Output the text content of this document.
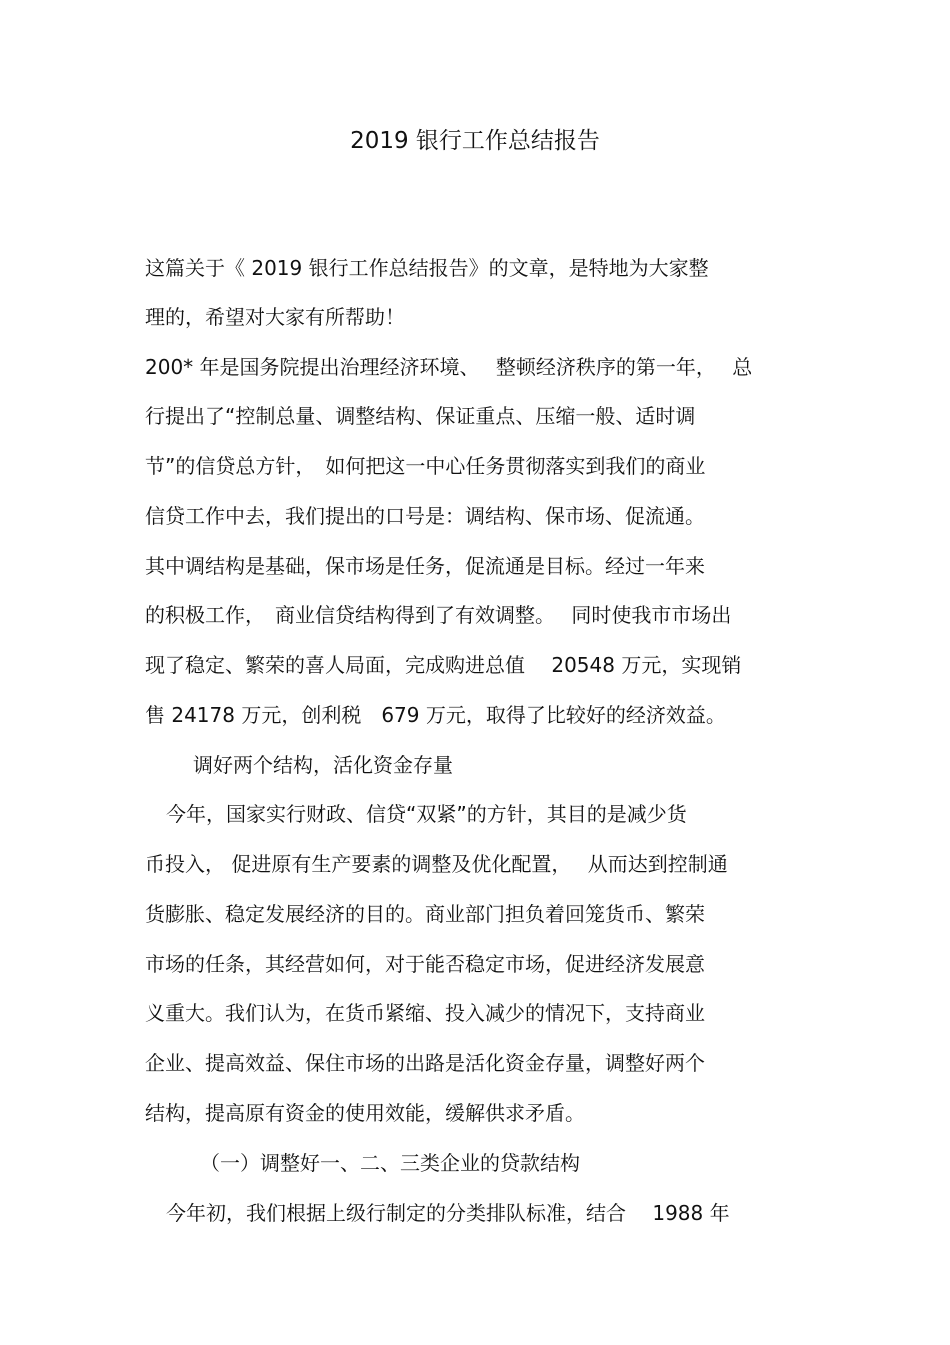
2019 银行工作总结报告
这篇关于《 2019 银行工作总结报告》的文章，是特地为大家整
理的，希望对大家有所帮助！
200* 年是国务院提出治理经济环境、　 整顿经济秩序的第一年，　 总
行提出了“控制总量、调整结构、保证重点、压缩一般、适时调
节”的信贷总方针，　如何把这一中心任务贯彻落实到我们的商业
信贷工作中去，我们提出的口号是：调结构、保市场、促流通。
其中调结构是基础，保市场是任务，促流通是目标。经过一年来
的积极工作，　商业信贷结构得到了有效调整。　 同时使我市市场出
现了稳定、繁荣的喜人局面，完成购进总值　 20548 万元，实现销
售 24178 万元，创利税　679 万元，取得了比较好的经济效益。
调好两个结构，活化资金存量
今年，国家实行财政、信贷“双紧”的方针，其目的是减少货
币投入， 促进原有生产要素的调整及优化配置，　 从而达到控制通
货膨胀、稳定发展经济的目的。商业部门担负着回笼货币、繁荣
市场的任条，其经营如何，对于能否稳定市场，促进经济发展意
义重大。我们认为，在货币紧缩、投入减少的情况下，支持商业
企业、提高效益、保住市场的出路是活化资金存量，调整好两个
结构，提高原有资金的使用效能，缓解供求矛盾。
（一）调整好一、二、三类企业的贷款结构
今年初，我们根据上级行制定的分类排队标准，结合　 1988 年
